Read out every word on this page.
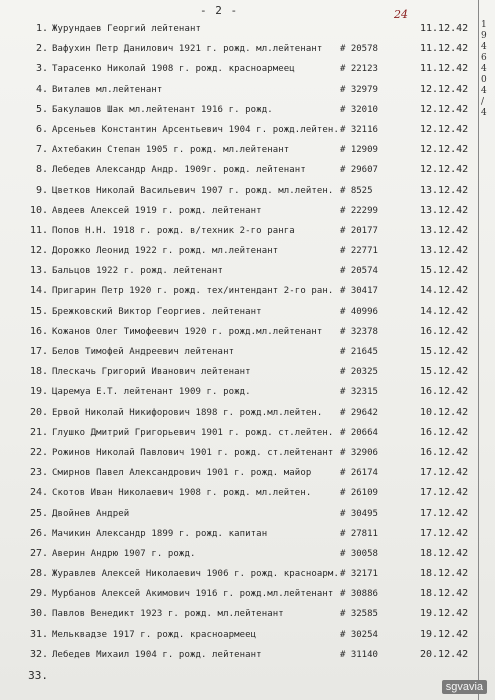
- 2 -	24
1
9
4
6
4
0
4
/
4
1. Журундаев Георгий лейтенант	11.12.42
2. Вафухин Петр Данилович 1921 г. рожд. мл.лейтенант # 20578	11.12.42
3. Тарасенко Николай 1908 г. рожд. красноармеец	# 22123	11.12.42
4. Виталев мл.лейтенант	# 32979	12.12.42
5. Бакулашов Шак мл.лейтенант 1916 г. рожд.	# 32010	12.12.42
6. Арсеньев Константин Арсентьевич 1904 г. рожд.лейтен. # 32116	12.12.42
7. Ахтебакин Степан 1905 г. рожд. мл.лейтенант	# 12909	12.12.42
8. Лебедев Александр Андр. 1909г. рожд. лейтенант	# 29607	12.12.42
9. Цветков Николай Васильевич 1907 г. рожд. мл.лейтен. # 8525	13.12.42
10. Авдеев Алексей 1919 г. рожд. лейтенант	# 22299	13.12.42
11. Попов Н.Н. 1918 г. рожд. в/техник 2-го ранга	# 20177	13.12.42
12. Дорожко Леонид 1922 г. рожд. мл.лейтенант	# 22771	13.12.42
13. Бальцов 1922 г. рожд. лейтенант	# 20574	15.12.42
14. Пригарин Петр 1920 г. рожд. тех/интендант 2-го ран. # 30417	14.12.42
15. Брежковский Виктор Георгиев. лейтенант	# 40996	14.12.42
16. Кожанов Олег Тимофеевич 1920 г. рожд.мл.лейтенант # 32378	16.12.42
17. Белов Тимофей Андреевич лейтенант	# 21645	15.12.42
18. Плескачь Григорий Иванович лейтенант	# 20325	15.12.42
19. Царемуа Е.Т. лейтенант 1909 г. рожд.	# 32315	16.12.42
20. Ервой Николай Никифорович 1898 г. рожд.мл.лейтен. # 29642	10.12.42
21. Глушко Дмитрий Григорьевич 1901 г. рожд. ст.лейтен. # 20664	16.12.42
22. Рожинов Николай Павлович 1901 г. рожд. ст.лейтенант # 32906	16.12.42
23. Смирнов Павел Александрович 1901 г. рожд. майор	# 26174	17.12.42
24. Скотов Иван Николаевич 1908 г. рожд. мл.лейтен.	# 26109	17.12.42
25. Двойнев Андрей	# 30495	17.12.42
26. Мачикин Александр 1899 г. рожд. капитан	# 27811	17.12.42
27. Аверин Андрю 1907 г. рожд.	# 30058	18.12.42
28. Журавлев Алексей Николаевич 1906 г. рожд. красноарм. # 32171	18.12.42
29. Мурбанов Алексей Акимович 1916 г. рожд.мл.лейтенант # 30886	18.12.42
30. Павлов Венедикт 1923 г. рожд. мл.лейтенант	# 32585	19.12.42
31. Мельквадзе 1917 г. рожд. красноармеец	# 30254	19.12.42
32. Лебедев Михаил 1904 г. рожд. лейтенант	# 31140	20.12.42
33.
sgvavia
